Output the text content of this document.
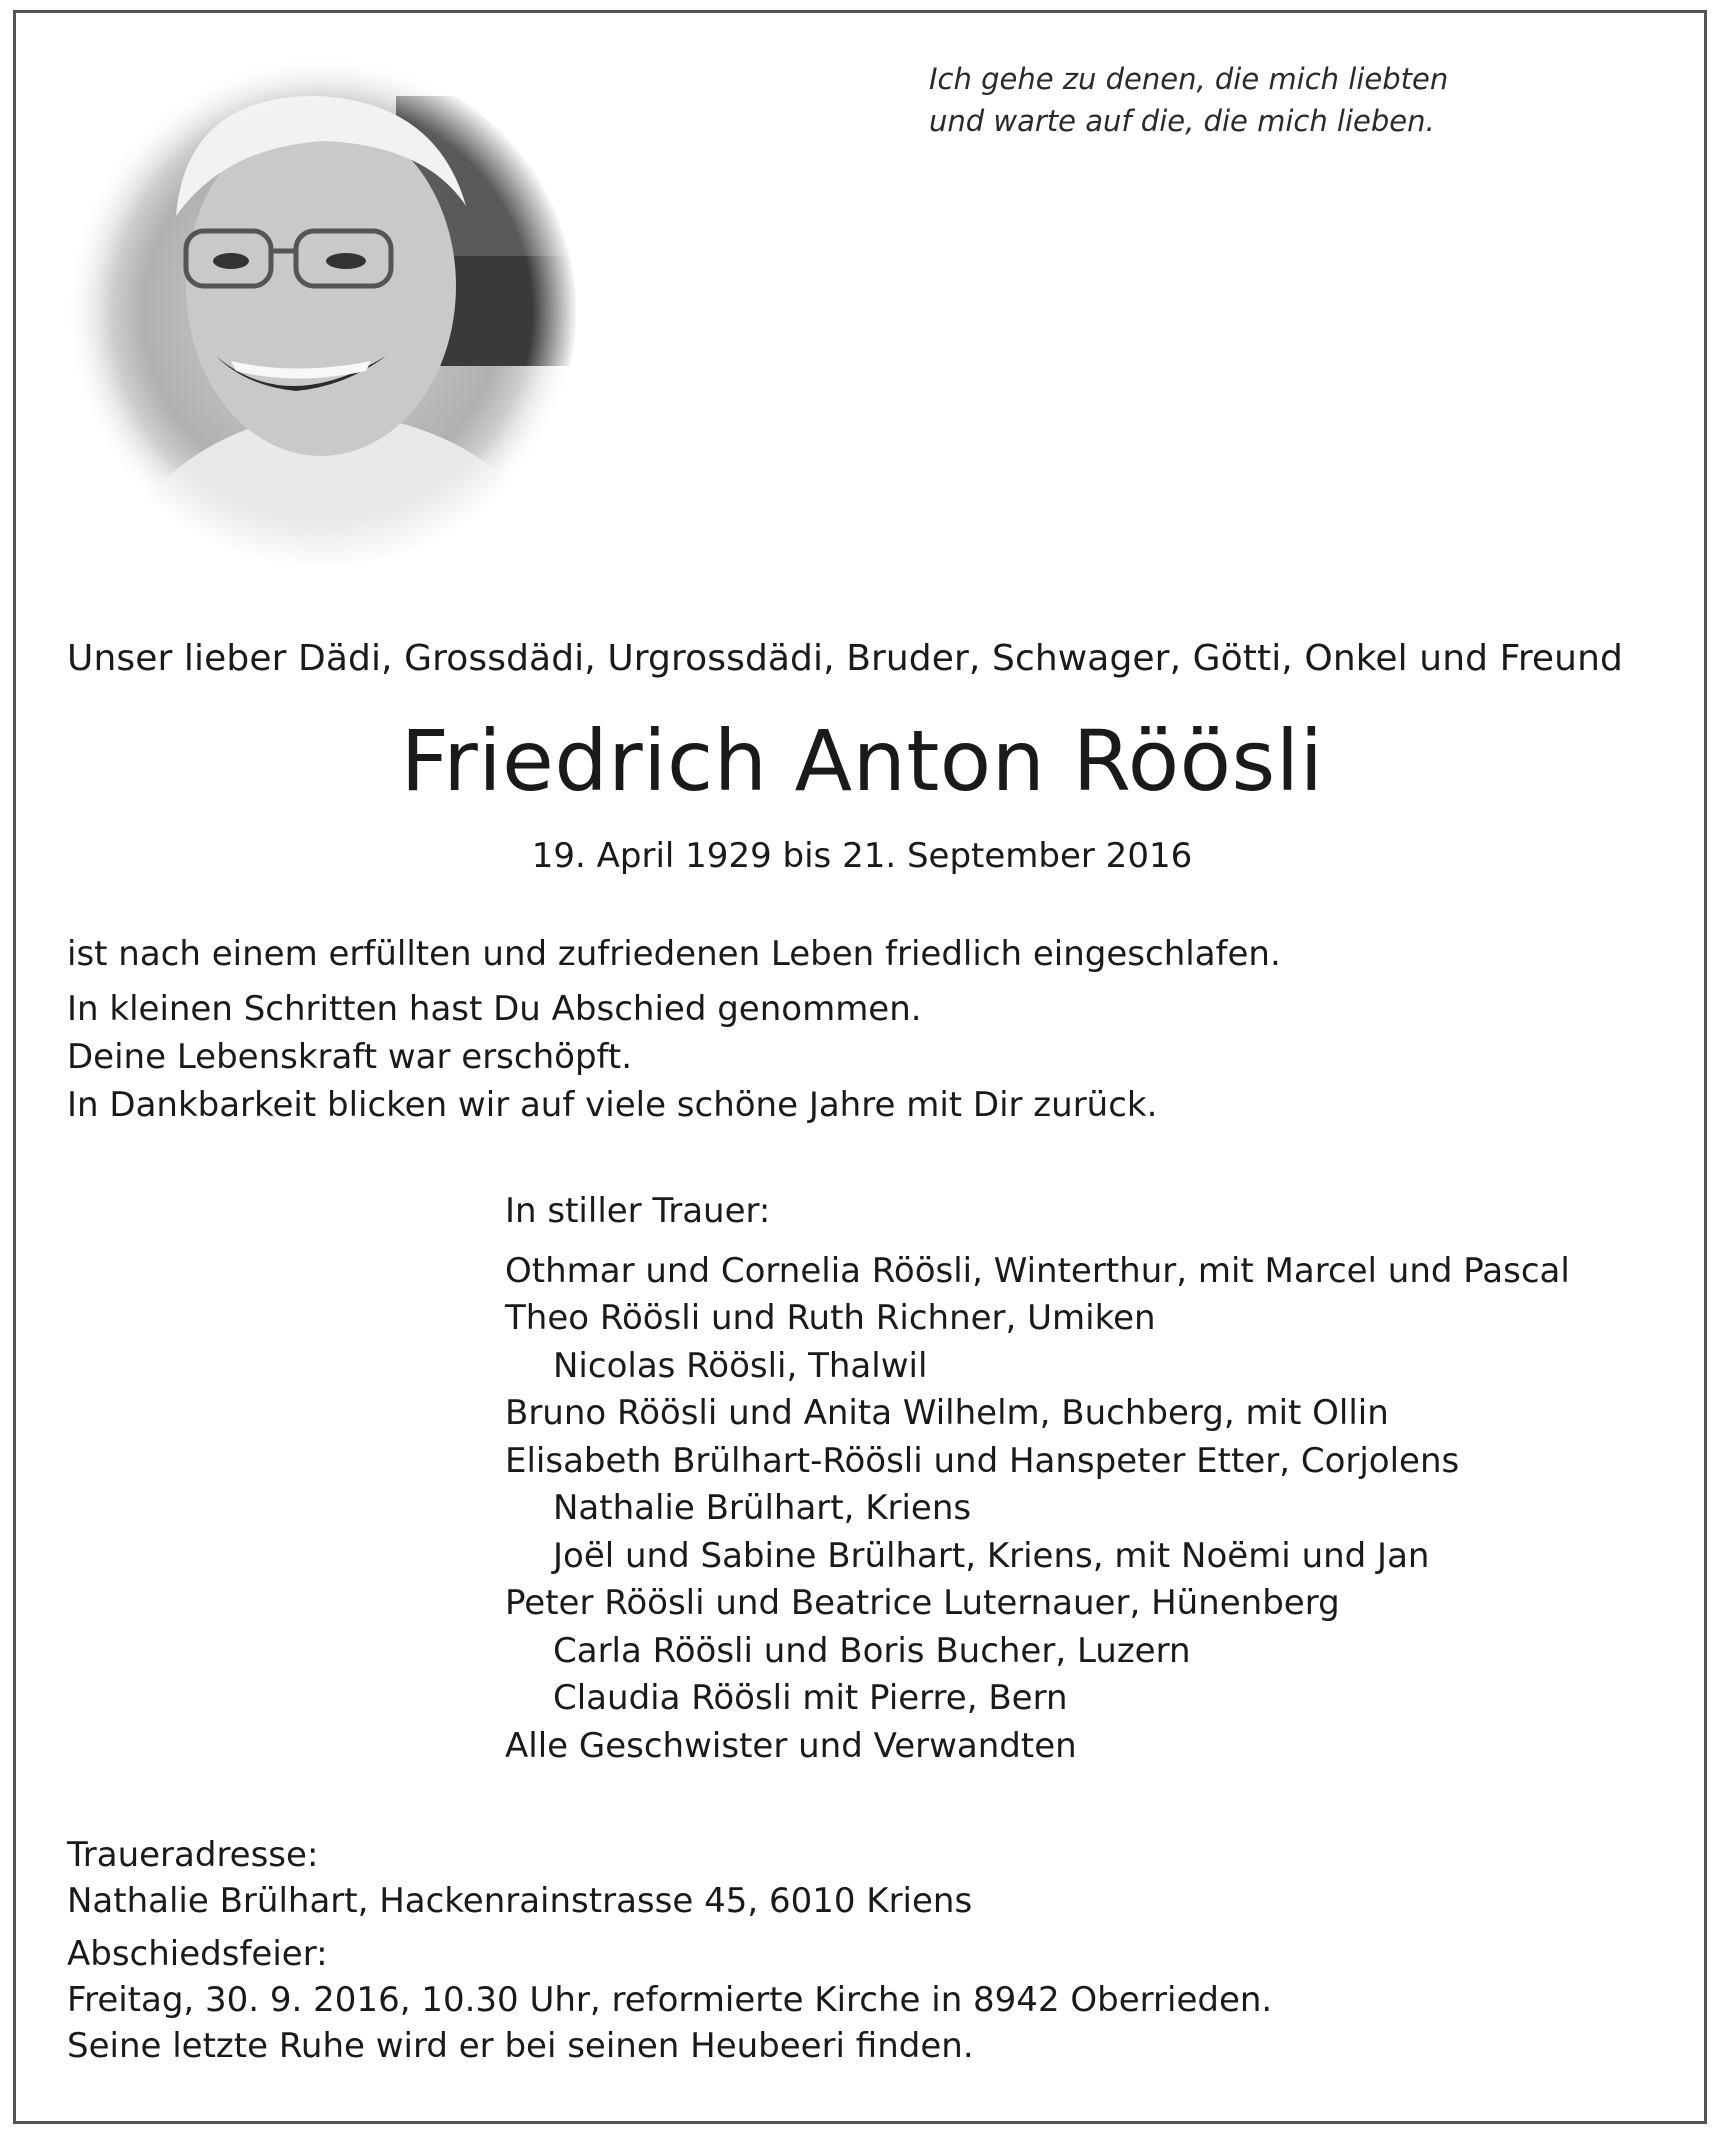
Ich gehe zu denen, die mich liebten
und warte auf die, die mich lieben.
Unser lieber Dädi, Grossdädi, Urgrossdädi, Bruder, Schwager, Götti, Onkel und Freund
Friedrich Anton Röösli
19. April 1929 bis 21. September 2016
ist nach einem erfüllten und zufriedenen Leben friedlich eingeschlafen.
In kleinen Schritten hast Du Abschied genommen.
Deine Lebenskraft war erschöpft.
In Dankbarkeit blicken wir auf viele schöne Jahre mit Dir zurück.
In stiller Trauer:
Othmar und Cornelia Röösli, Winterthur, mit Marcel und Pascal
Theo Röösli und Ruth Richner, Umiken
Nicolas Röösli, Thalwil
Bruno Röösli und Anita Wilhelm, Buchberg, mit Ollin
Elisabeth Brülhart-Röösli und Hanspeter Etter, Corjolens
Nathalie Brülhart, Kriens
Joël und Sabine Brülhart, Kriens, mit Noëmi und Jan
Peter Röösli und Beatrice Luternauer, Hünenberg
Carla Röösli und Boris Bucher, Luzern
Claudia Röösli mit Pierre, Bern
Alle Geschwister und Verwandten
Traueradresse:
Nathalie Brülhart, Hackenrainstrasse 45, 6010 Kriens
Abschiedsfeier:
Freitag, 30. 9. 2016, 10.30 Uhr, reformierte Kirche in 8942 Oberrieden.
Seine letzte Ruhe wird er bei seinen Heubeeri finden.
